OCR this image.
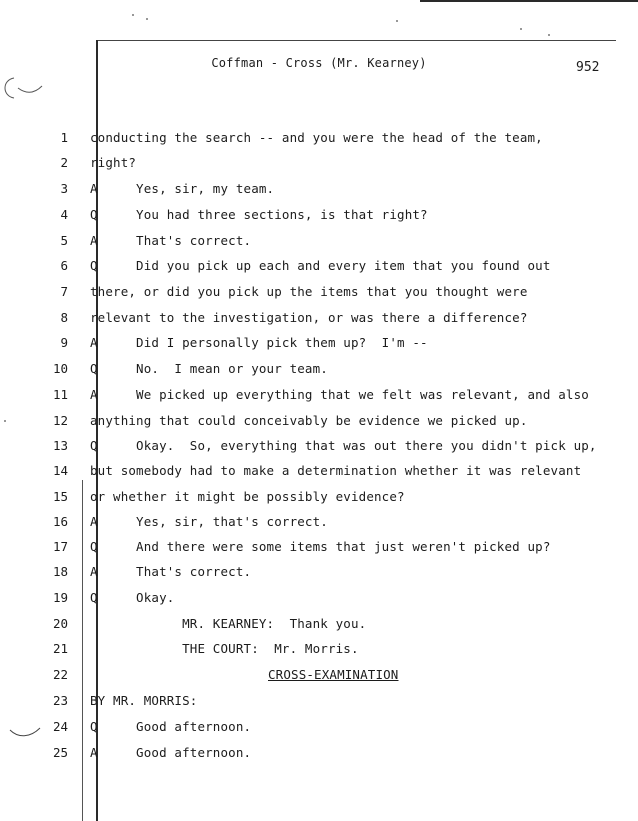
Coffman - Cross (Mr. Kearney)	952
1 conducting the search -- and you were the head of the team,
2 right?
3 A     Yes, sir, my team.
4 Q     You had three sections, is that right?
5 A     That's correct.
6 Q     Did you pick up each and every item that you found out
7 there, or did you pick up the items that you thought were
8 relevant to the investigation, or was there a difference?
9 A     Did I personally pick them up?  I'm --
10 Q     No.  I mean or your team.
11 A     We picked up everything that we felt was relevant, and also
12 anything that could conceivably be evidence we picked up.
13 Q     Okay.  So, everything that was out there you didn't pick up,
14 but somebody had to make a determination whether it was relevant
15 or whether it might be possibly evidence?
16 A     Yes, sir, that's correct.
17 Q     And there were some items that just weren't picked up?
18 A     That's correct.
19 Q     Okay.
20 MR. KEARNEY:  Thank you.
21 THE COURT:  Mr. Morris.
22	CROSS-EXAMINATION
23 BY MR. MORRIS:
24 Q     Good afternoon.
25 A     Good afternoon.
